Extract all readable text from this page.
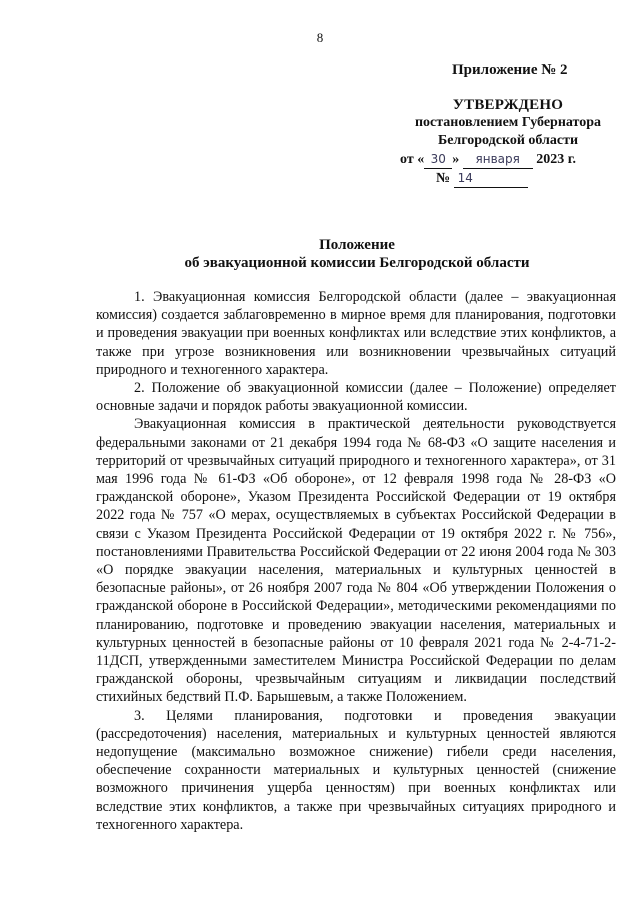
8
Приложение № 2
УТВЕРЖДЕНО
постановлением Губернатора
Белгородской области
от « 30 » января 2023 г.
№ 14
Положение
об эвакуационной комиссии Белгородской области

1. Эвакуационная комиссия Белгородской области (далее – эвакуационная комиссия) создается заблаговременно в мирное время для планирования, подготовки и проведения эвакуации при военных конфликтах или вследствие этих конфликтов, а также при угрозе возникновения или возникновении чрезвычайных ситуаций природного и техногенного характера.

2. Положение об эвакуационной комиссии (далее – Положение) определяет основные задачи и порядок работы эвакуационной комиссии.

Эвакуационная комиссия в практической деятельности руководствуется федеральными законами от 21 декабря 1994 года № 68-ФЗ «О защите населения и территорий от чрезвычайных ситуаций природного и техногенного характера», от 31 мая 1996 года № 61-ФЗ «Об обороне», от 12 февраля 1998 года № 28-ФЗ «О гражданской обороне», Указом Президента Российской Федерации от 19 октября 2022 года № 757 «О мерах, осуществляемых в субъектах Российской Федерации в связи с Указом Президента Российской Федерации от 19 октября 2022 г. № 756», постановлениями Правительства Российской Федерации от 22 июня 2004 года № 303 «О порядке эвакуации населения, материальных и культурных ценностей в безопасные районы», от 26 ноября 2007 года № 804 «Об утверждении Положения о гражданской обороне в Российской Федерации», методическими рекомендациями по планированию, подготовке и проведению эвакуации населения, материальных и культурных ценностей в безопасные районы от 10 февраля 2021 года № 2-4-71-2-11ДСП, утвержденными заместителем Министра Российской Федерации по делам гражданской обороны, чрезвычайным ситуациям и ликвидации последствий стихийных бедствий П.Ф. Барышевым, а также Положением.

3. Целями планирования, подготовки и проведения эвакуации (рассредоточения) населения, материальных и культурных ценностей являются недопущение (максимально возможное снижение) гибели среди населения, обеспечение сохранности материальных и культурных ценностей (снижение возможного причинения ущерба ценностям) при военных конфликтах или вследствие этих конфликтов, а также при чрезвычайных ситуациях природного и техногенного характера.
